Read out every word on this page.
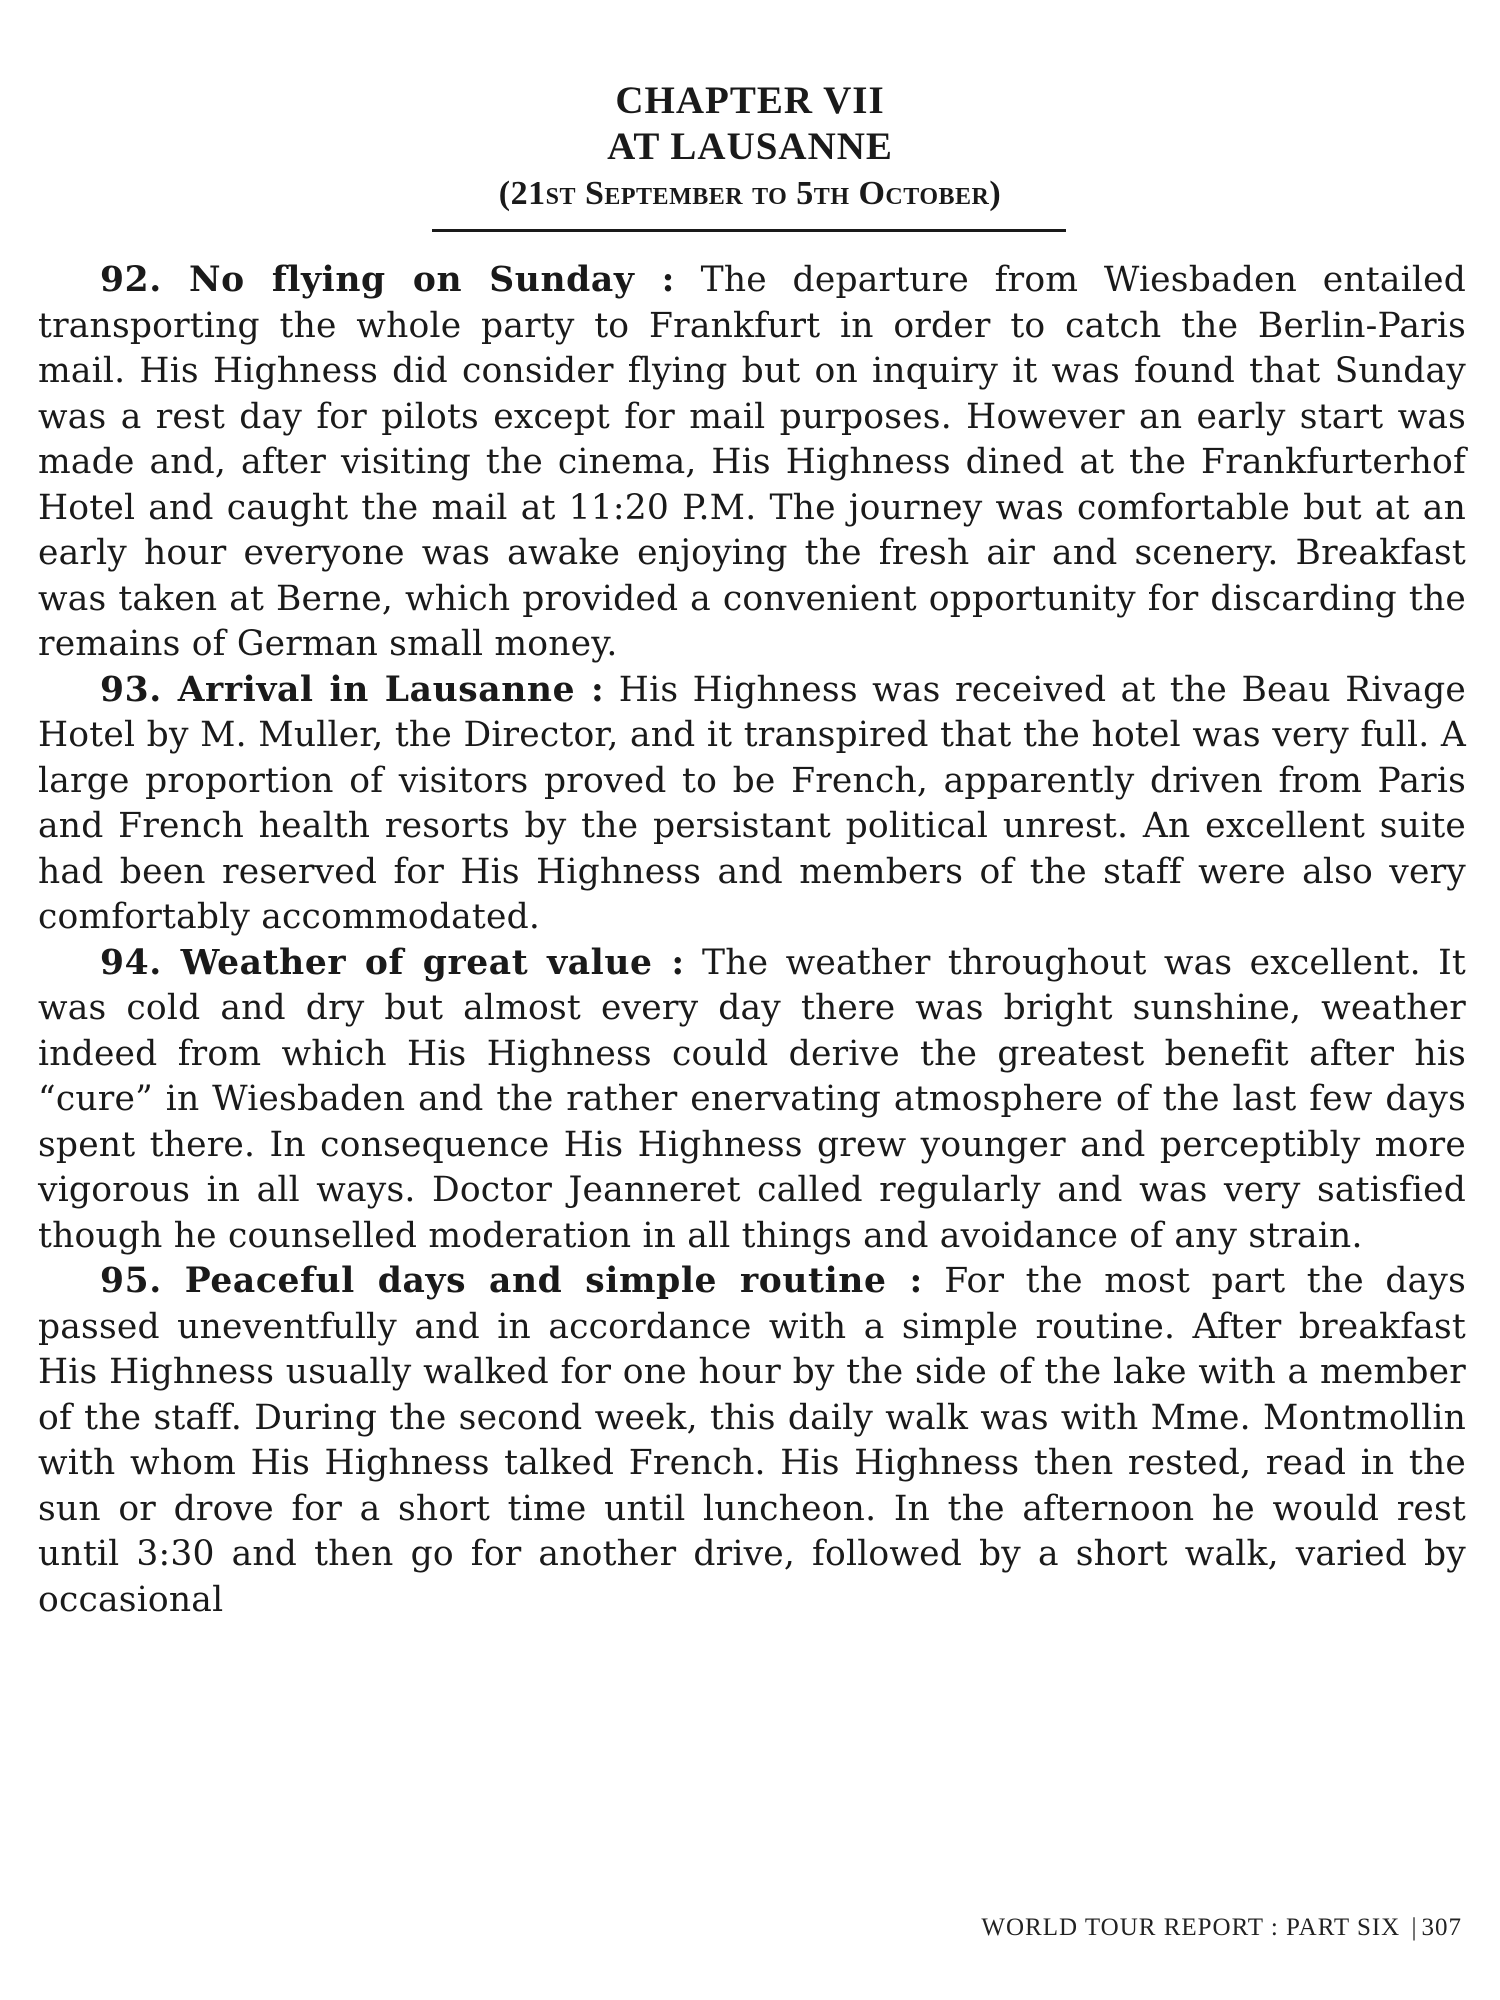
CHAPTER VII
AT LAUSANNE
(21st September to 5th October)

92. No flying on Sunday : The departure from Wiesbaden entailed transporting the whole party to Frankfurt in order to catch the Berlin-Paris mail. His Highness did consider flying but on inquiry it was found that Sunday was a rest day for pilots except for mail purposes. However an early start was made and, after visiting the cinema, His Highness dined at the Frankfurterhof Hotel and caught the mail at 11:20 P.M. The journey was comfortable but at an early hour everyone was awake enjoying the fresh air and scenery. Breakfast was taken at Berne, which provided a convenient opportunity for discarding the remains of German small money.

93. Arrival in Lausanne : His Highness was received at the Beau Rivage Hotel by M. Muller, the Director, and it transpired that the hotel was very full. A large proportion of visitors proved to be French, apparently driven from Paris and French health resorts by the persistant political unrest. An excellent suite had been reserved for His Highness and members of the staff were also very comfortably accommodated.

94. Weather of great value : The weather throughout was excellent. It was cold and dry but almost every day there was bright sunshine, weather indeed from which His Highness could derive the greatest benefit after his “cure” in Wiesbaden and the rather enervating atmosphere of the last few days spent there. In consequence His Highness grew younger and perceptibly more vigorous in all ways. Doctor Jeanneret called regularly and was very satisfied though he counselled moderation in all things and avoidance of any strain.

95. Peaceful days and simple routine : For the most part the days passed uneventfully and in accordance with a simple routine. After breakfast His Highness usually walked for one hour by the side of the lake with a member of the staff. During the second week, this daily walk was with Mme. Montmollin with whom His Highness talked French. His Highness then rested, read in the sun or drove for a short time until luncheon. In the afternoon he would rest until 3:30 and then go for another drive, followed by a short walk, varied by occasional

WORLD TOUR REPORT : PART SIX | 307
